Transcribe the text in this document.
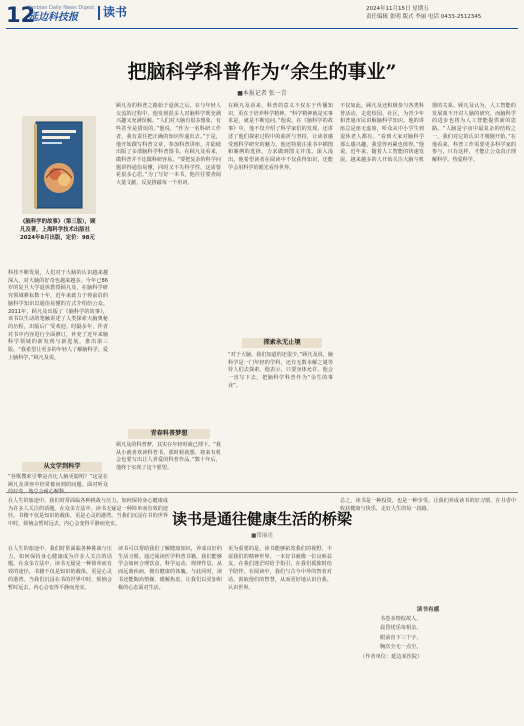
12
Yanbian Daily News Digest
延边科技报 读书	2024年11月15日 星期五
责任编辑 张明 版式 李丽 电话 0433-2512345
把脑科学科普作为“余生的事业”
■本报记者 张一青
《脑科学的故事》（第三版），顾凡及著，上海科学技术出版社 2024年8月出版，定价：98元
科技不断发展，人们对于大脑的认识越来越深入，对大脑的好奇也越来越多。今年已86岁的复旦大学退休教授顾凡及，在脑科学研究领域耕耘数十年，近年来致力于将前沿的脑科学知识以通俗易懂的方式介绍给公众。2011年，顾凡及出版了《脑科学的故事》，该书以生动的笔触讲述了人类探索大脑奥秘的历程，出版后广受欢迎。时隔多年，作者对书中内容进行全面修订，补充了近年来脑科学领域的新发现与新进展，推出第三版。“我希望让更多的年轻人了解脑科学，爱上脑科学。”顾凡及说。
从文学到科学
“谷歌搜索引擎是否比人脑更聪明？”这是在顾凡及讲座中经常被问到的问题。面对听众
顾凡及的科普之路始于退休之后。在与年轻人交流的过程中，他发现很多人对脑科学既充满兴趣又充满误解。“人们对大脑有很多想象，有些甚至是错误的。”他说，“作为一名科研工作者，我有责任把正确的知识传递出去。”于是，他开始撰写科普文章，参加科普讲座，并陆续出版了多部脑科学科普图书。在顾凡及看来，做科普并不比做科研容易。“要把复杂的科学问题讲得通俗易懂，同时又不失科学性，这需要花很多心思。”为了写好一本书，他往往要查阅大量文献，反复推敲每一个用词。
青春科普梦想
顾凡及的科普梦，其实在年轻时就已埋下。“我从小就喜欢读科普书，那时候就想，将来有机会也要写出让人喜爱的科普作品。”数十年后，他终于实现了这个愿望。
在顾凡及看来，科普的意义不仅在于传播知识，更在于培养科学精神。“科学精神就是实事求是，就是不断追问。”他说。在《脑科学的故事》中，他不仅介绍了科学家们的发现，还讲述了他们探索过程中的曲折与坚持，让读者感受到科学研究的魅力。他还特别注重书中插图和案例的选择，力求做到图文并茂、深入浅出。他希望读者在阅读中不仅获得知识，还能学会用科学的眼光看待世界。
探索永无止境
“对于大脑，我们知道的还很少。”顾凡及说，脑科学是一门年轻的学科，还有无数未解之谜等待人们去探索。他表示，只要身体允许，他会一直写下去，把脑科学科普作为“余生的事业”。
不仅如此，顾凡及还积极参与各类科普活动，走进校园、社区，为青少年和普通市民讲解脑科学知识。他的讲座总是座无虚席，听众从中小学生到退休老人都有。“看到大家对脑科学那么感兴趣，我觉得再累也值得。”他说。近年来，随着人工智能的快速发展，越来越多的人开始关注大脑与机器的关系。顾凡及认为，人工智能的发展离不开对人脑的研究，而脑科学的进步也将为人工智能提供新的思路。“人脑是宇宙中最复杂的结构之一，我们对它的认识才刚刚开始。”在他看来，科普工作需要更多科学家的参与，只有这样，才能让公众真正理解科学、热爱科学。
读书是通往健康生活的桥梁
■常丽亮
在人生的旅途中，我们时常面临各种挑战与压力，如何保持身心健康成为许多人关注的话题。在众多方法中，读书无疑是一种简单而有效的途径。书籍不仅是知识的载体，更是心灵的港湾。当我们沉浸在书的世界中时，烦恼会暂时远去，内心会变得平静而充实。
在人生的旅途中，我们时常面临各种挑战与压力，如何保持身心健康成为许多人关注的话题。在众多方法中，读书无疑是一种简单而有效的途径。书籍不仅是知识的载体，更是心灵的港湾。当我们沉浸在书的世界中时，烦恼会暂时远去，内心会变得平静而充实。
读书可以帮助我们了解健康知识，养成良好的生活习惯。通过阅读医学科普书籍，我们能够学会如何合理饮食、科学运动、规律作息，从而远离疾病，拥有健康的体魄。与此同时，读书还能陶冶情操，缓解焦虑，让我们以更加积极的心态面对生活。
更为重要的是，读书能够拓宽我们的视野，丰富我们的精神世界。一本好书就像一位良师益友，在我们迷茫时给予指引，在我们孤独时给予陪伴。在阅读中，我们与古今中外的智者对话，汲取他们的智慧，从而更好地认识自我、认识世界。
总之，读书是一种投资，也是一种享受。让我们养成读书的好习惯，在书香中收获健康与快乐，走好人生的每一段路。
读书有感
书卷多情似故人，
晨昏忧乐每相亲。
眼前直下三千字，
胸次全无一点尘。
（作者单位：延边某医院）
